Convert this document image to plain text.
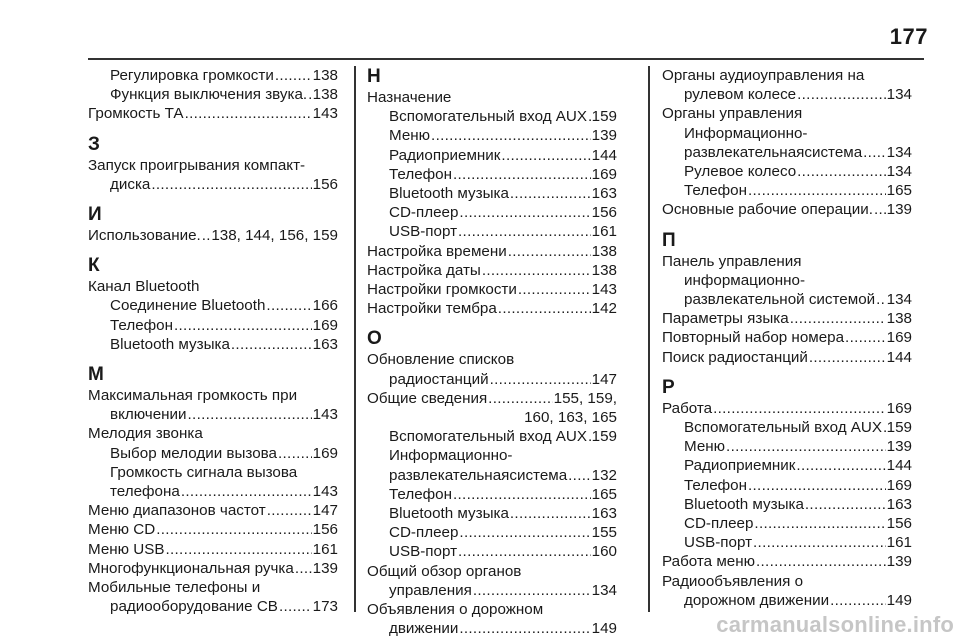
177
Регулировка громкости .....	138
Функция выключения звука. ..... 138
Громкость ТА .....	143
З
Запуск проигрывания компакт-
диска .....	156
И
Использование. ..... 138, 144, 156, 159
К
Канал Bluetooth
Соединение Bluetooth .....	166
Телефон .....	169
Bluetooth музыка .....	163
М
Максимальная громкость при
включении .....	143
Мелодия звонка
Выбор мелодии вызова ..... 169
Громкость сигнала вызова
телефона .....	143
Меню диапазонов частот .....	147
Меню CD .....	156
Меню USB .....	161
Многофункциональная ручка ..... 139
Мобильные телефоны и
радиооборудование CB ..... 173
Н
Назначение
Вспомогательный вход AUX ..... 159
Меню .....	139
Радиоприемник .....	144
Телефон .....	169
Bluetooth музыка .....	163
CD-плеер .....	156
USB-порт .....	161
Настройка времени .....	138
Настройка даты .....	138
Настройки громкости .....	143
Настройки тембра .....	142
О
Обновление списков
радиостанций .....	147
Общие сведения .....	155, 159,
160, 163, 165
Вспомогательный вход AUX ..... 159
Информационно-
развлекательнаясистема ..... 132
Телефон .....	165
Bluetooth музыка .....	163
CD-плеер .....	155
USB-порт .....	160
Общий обзор органов
управления .....	134
Объявления о дорожном
движении .....	149
Органы аудиоуправления на
рулевом колесе .....	134
Органы управления
Информационно-
развлекательнаясистема ..... 134
Рулевое колесо .....	134
Телефон .....	165
Основные рабочие операции. ..... 139
П
Панель управления
информационно-
развлекательной системой ..... 134
Параметры языка .....	138
Повторный набор номера .....	169
Поиск радиостанций .....	144
Р
Работа .....	169
Вспомогательный вход AUX ..... 159
Меню .....	139
Радиоприемник .....	144
Телефон .....	169
Bluetooth музыка .....	163
CD-плеер .....	156
USB-порт .....	161
Работа меню .....	139
Радиообъявления о
дорожном движении .....	149
carmanualsonline.info
